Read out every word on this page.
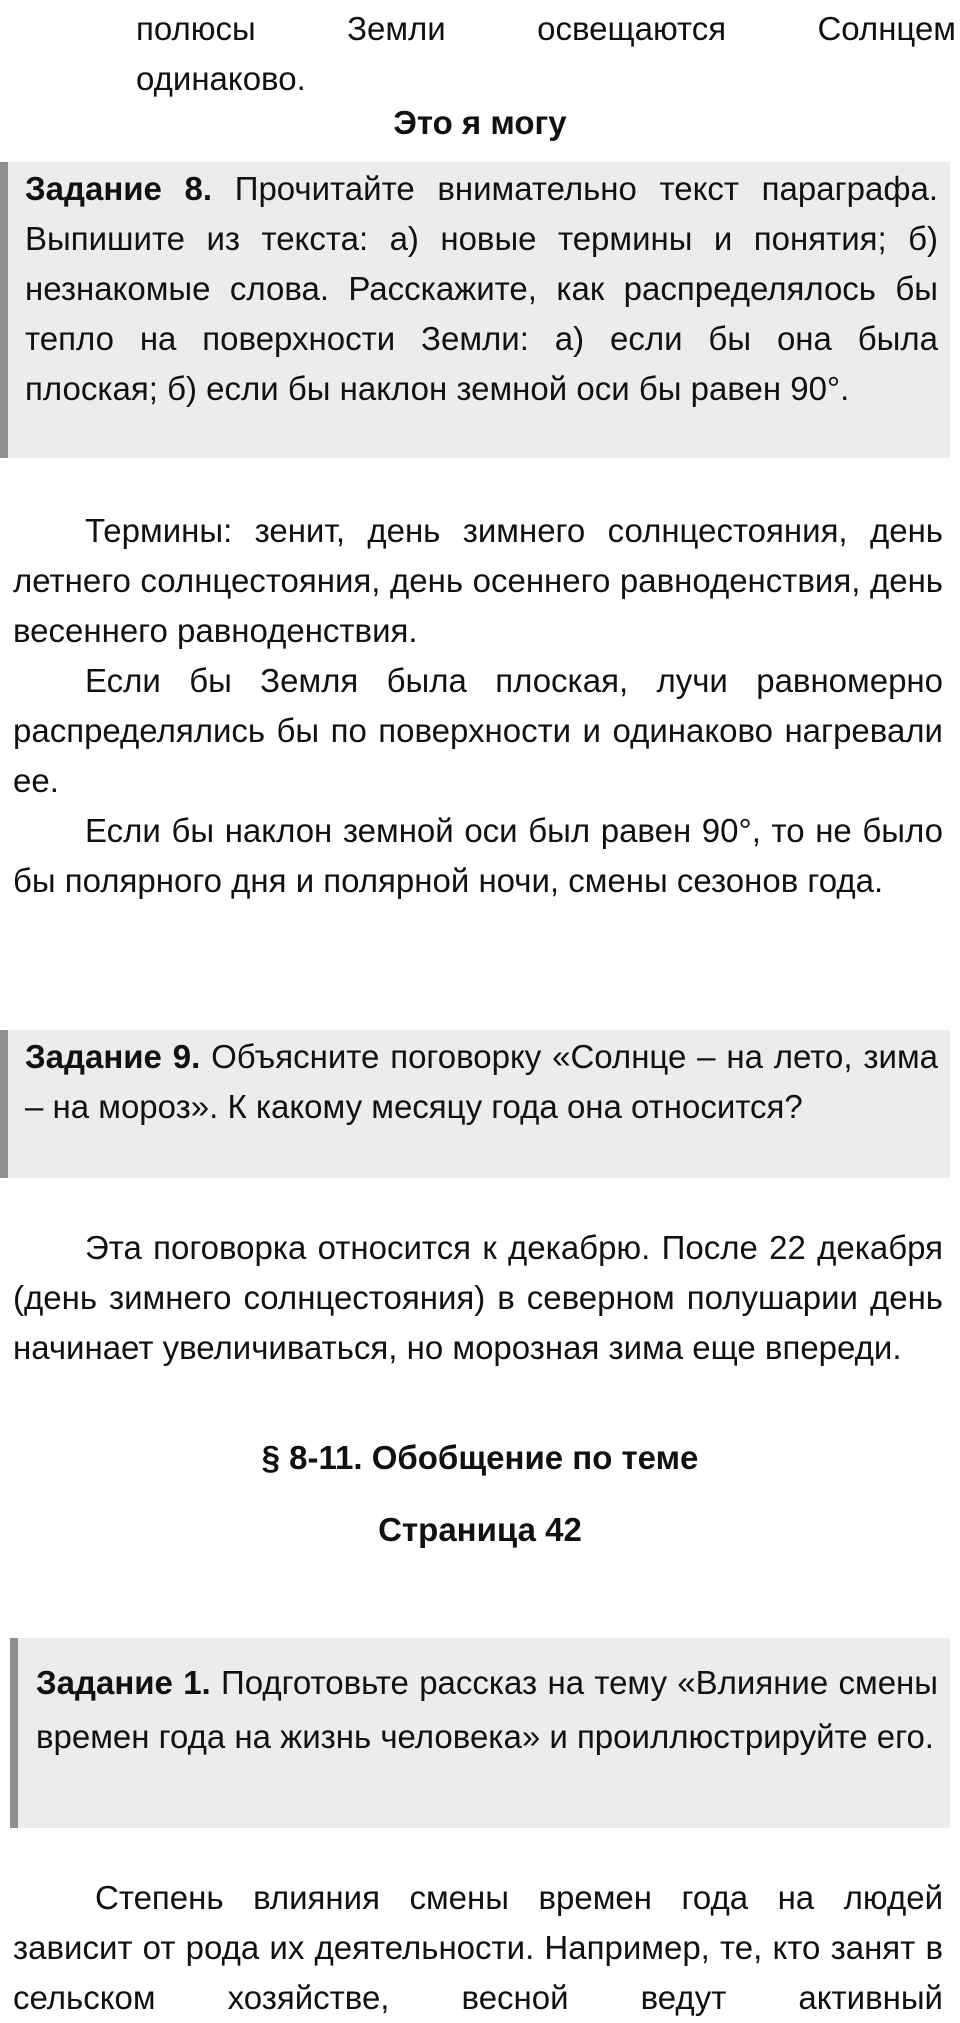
полюсы Земли освещаются Солнцем
одинаково.
Это я могу
Задание 8. Прочитайте внимательно текст параграфа. Выпишите из текста: а) новые термины и понятия; б) незнакомые слова. Расскажите, как распределялось бы тепло на поверхности Земли: а) если бы она была плоская; б) если бы наклон земной оси бы равен 90°.

Термины: зенит, день зимнего солнцестояния, день летнего солнцестояния, день осеннего равноденствия, день весеннего равноденствия.

Если бы Земля была плоская, лучи равномерно распределялись бы по поверхности и одинаково нагревали ее.

Если бы наклон земной оси был равен 90°, то не было бы полярного дня и полярной ночи, смены сезонов года.

Задание 9. Объясните поговорку «Солнце – на лето, зима – на мороз». К какому месяцу года она относится?

Эта поговорка относится к декабрю. После 22 декабря (день зимнего солнцестояния) в северном полушарии день начинает увеличиваться, но морозная зима еще впереди.

§ 8-11. Обобщение по теме
Страница 42
Задание 1. Подготовьте рассказ на тему «Влияние смены времен года на жизнь человека» и проиллюстрируйте его.

Степень влияния смены времен года на людей зависит от рода их деятельности. Например, те, кто занят в сельском хозяйстве, весной ведут активный
